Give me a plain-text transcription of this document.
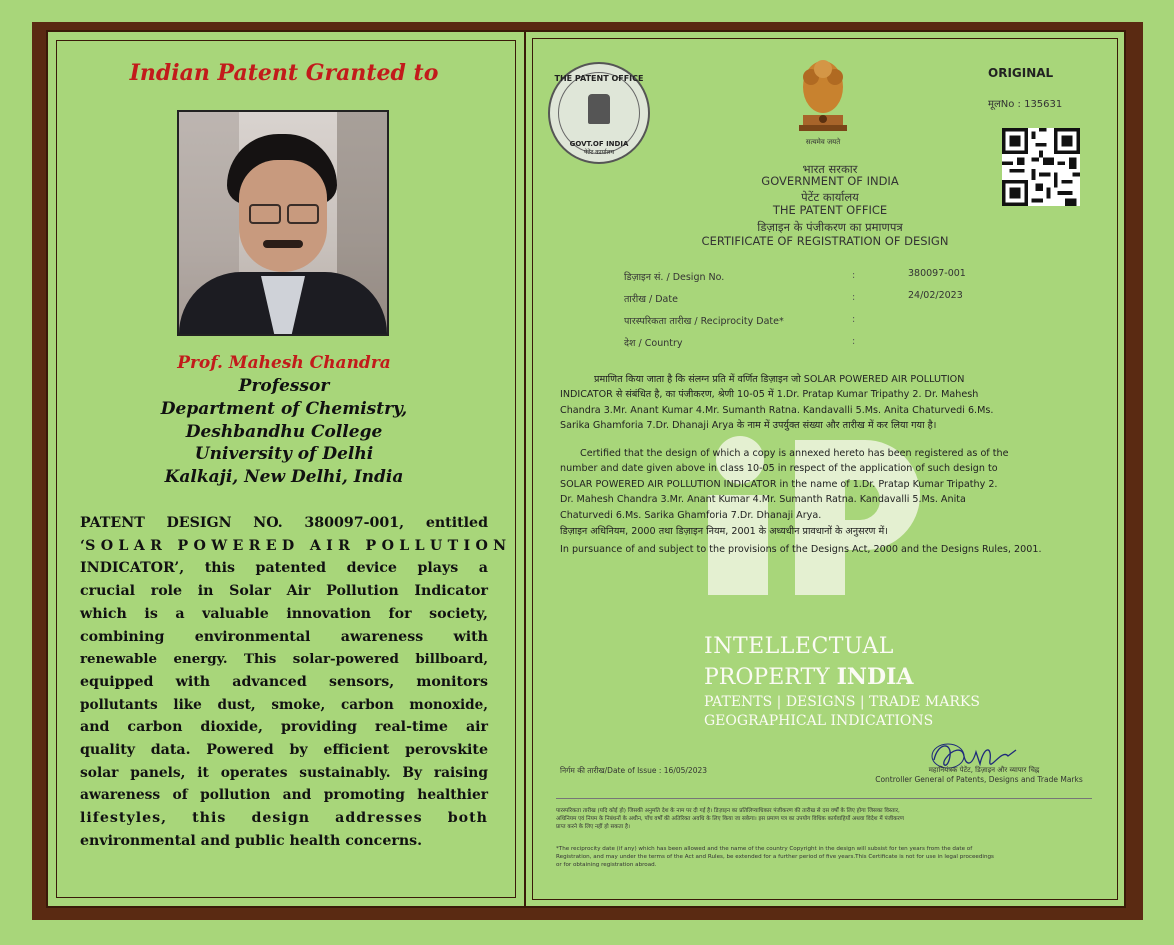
Indian Patent Granted to
Prof. Mahesh Chandra
Professor
Department of Chemistry,
Deshbandhu College
University of Delhi
Kalkaji, New Delhi, India
PATENT DESIGN NO. 380097-001, entitled
‘S O L A R   P O W E R E D   A I R   P O L L U T I O N
INDICATOR’, this patented device plays a
crucial role in Solar Air Pollution Indicator
which is a valuable innovation for society,
combining environmental awareness with
renewable energy. This solar-powered billboard,
equipped with advanced sensors, monitors
pollutants like dust, smoke, carbon monoxide,
and carbon dioxide, providing real-time air
quality data. Powered by efficient perovskite
solar panels, it operates sustainably. By raising
awareness of pollution and promoting healthier
lifestyles, this design addresses both
environmental and public health concerns.
THE PATENT OFFICE
GOVT.OF INDIA
पेटेंट कार्यालय
सत्यमेव जयते
ORIGINAL
मूलNo : 135631
भारत सरकार
GOVERNMENT OF INDIA
पेटेंट कार्यालय
THE PATENT OFFICE
डिज़ाइन के पंजीकरण का प्रमाणपत्र
CERTIFICATE OF REGISTRATION OF DESIGN
डिज़ाइन सं. / Design No.	:	380097-001
तारीख / Date	:	24/02/2023
पारस्परिकता तारीख / Reciprocity Date*	:
देश / Country	:
प्रमाणित किया जाता है कि संलग्न प्रति में वर्णित डिज़ाइन जो SOLAR POWERED AIR POLLUTION
INDICATOR से संबंधित है, का पंजीकरण, श्रेणी 10-05 में 1.Dr. Pratap Kumar Tripathy 2. Dr. Mahesh
Chandra 3.Mr. Anant Kumar 4.Mr. Sumanth Ratna. Kandavalli 5.Ms. Anita Chaturvedi 6.Ms.
Sarika Ghamforia 7.Dr. Dhanaji Arya के नाम में उपर्युक्त संख्या और तारीख में कर लिया गया है।
Certified that the design of which a copy is annexed hereto has been registered as of the
number and date given above in class 10-05 in respect of the application of such design to
SOLAR POWERED AIR POLLUTION INDICATOR in the name of 1.Dr. Pratap Kumar Tripathy 2.
Dr. Mahesh Chandra 3.Mr. Anant Kumar 4.Mr. Sumanth Ratna. Kandavalli 5.Ms. Anita
Chaturvedi 6.Ms. Sarika Ghamforia 7.Dr. Dhanaji Arya.
डिज़ाइन अधिनियम, 2000 तथा डिज़ाइन नियम, 2001 के अध्यधीन प्रावधानों के अनुसरण में।
In pursuance of and subject to the provisions of the Designs Act, 2000 and the Designs Rules, 2001.
INTELLECTUAL
PROPERTY INDIA
PATENTS | DESIGNS | TRADE MARKS
GEOGRAPHICAL INDICATIONS
निर्गम की तारीख/Date of Issue : 16/05/2023	महानियंत्रक पेटेंट, डिज़ाइन और व्यापार चिह्न
Controller General of Patents, Designs and Trade Marks
पारस्परिकता तारीख (यदि कोई हो) जिसकी अनुमति देश के नाम पर दी गई है। डिज़ाइन का प्रतिलिप्याधिकार पंजीकरण की तारीख से दस वर्षों के लिए होगा जिसका विस्तार,
अधिनियम एवं नियम के निबंधनों के अधीन, पाँच वर्षों की अतिरिक्त अवधि के लिए किया जा सकेगा। इस प्रमाण पत्र का उपयोग विधिक कार्यवाहियों अथवा विदेश में पंजीकरण
प्राप्त करने के लिए नहीं हो सकता है।
*The reciprocity date (if any) which has been allowed and the name of the country Copyright in the design will subsist for ten years from the date of
Registration, and may under the terms of the Act and Rules, be extended for a further period of five years.This Certificate is not for use in legal proceedings
or for obtaining registration abroad.
